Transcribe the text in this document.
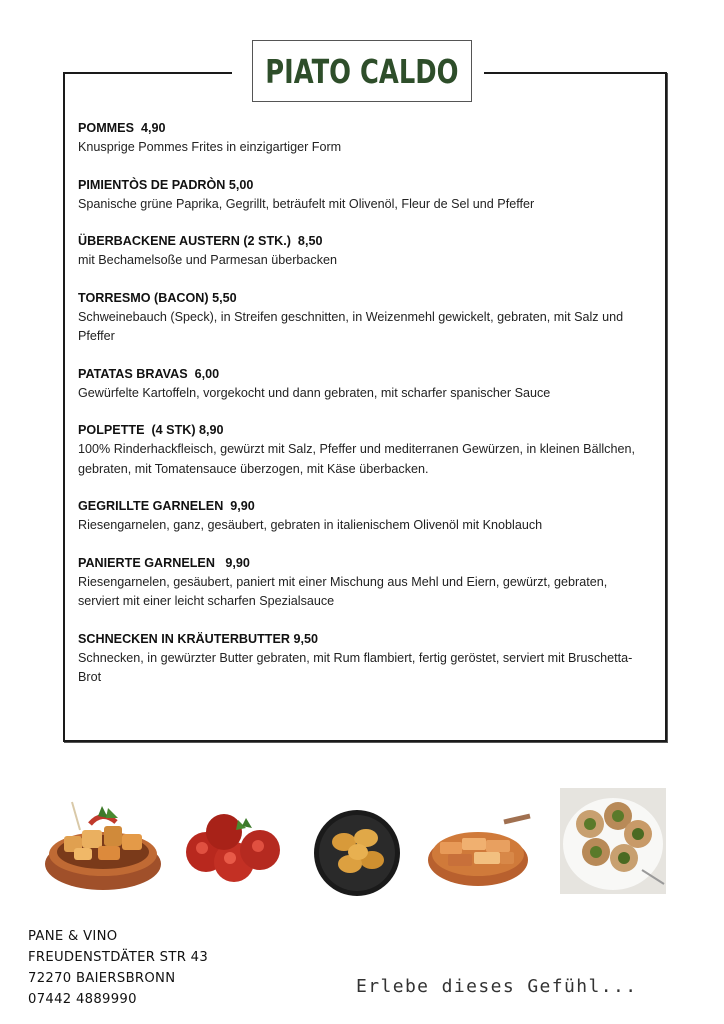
PIATO CALDO
POMMES  4,90
Knusprige Pommes Frites in einzigartiger Form
PIMIENTÒS DE PADRÒN 5,00
Spanische grüne Paprika, Gegrillt, beträufelt mit Olivenöl, Fleur de Sel und Pfeffer
ÜBERBACKENE AUSTERN (2 STK.)  8,50
mit Bechamelsoße und Parmesan überbacken
TORRESMO (BACON) 5,50
Schweinebauch (Speck), in Streifen geschnitten, in Weizenmehl gewickelt, gebraten, mit Salz und Pfeffer
PATATAS BRAVAS  6,00
Gewürfelte Kartoffeln, vorgekocht und dann gebraten, mit scharfer spanischer Sauce
POLPETTE  (4 STK) 8,90
100% Rinderhackfleisch, gewürzt mit Salz, Pfeffer und mediterranen Gewürzen, in kleinen Bällchen, gebraten, mit Tomatensauce überzogen, mit Käse überbacken.
GEGRILLTE GARNELEN  9,90
Riesengarnelen, ganz, gesäubert, gebraten in italienischem Olivenöl mit Knoblauch
PANIERTE GARNELEN   9,90
Riesengarnelen, gesäubert, paniert mit einer Mischung aus Mehl und Eiern, gewürzt, gebraten, serviert mit einer leicht scharfen Spezialsauce
SCHNECKEN IN KRÄUTERBUTTER 9,50
Schnecken, in gewürzter Butter gebraten, mit Rum flambiert, fertig geröstet, serviert mit Bruschetta-Brot
PANE & VINO
FREUDENSTDÄTER STR 43
72270 BAIERSBRONN
07442 4889990
Erlebe dieses Gefühl...
